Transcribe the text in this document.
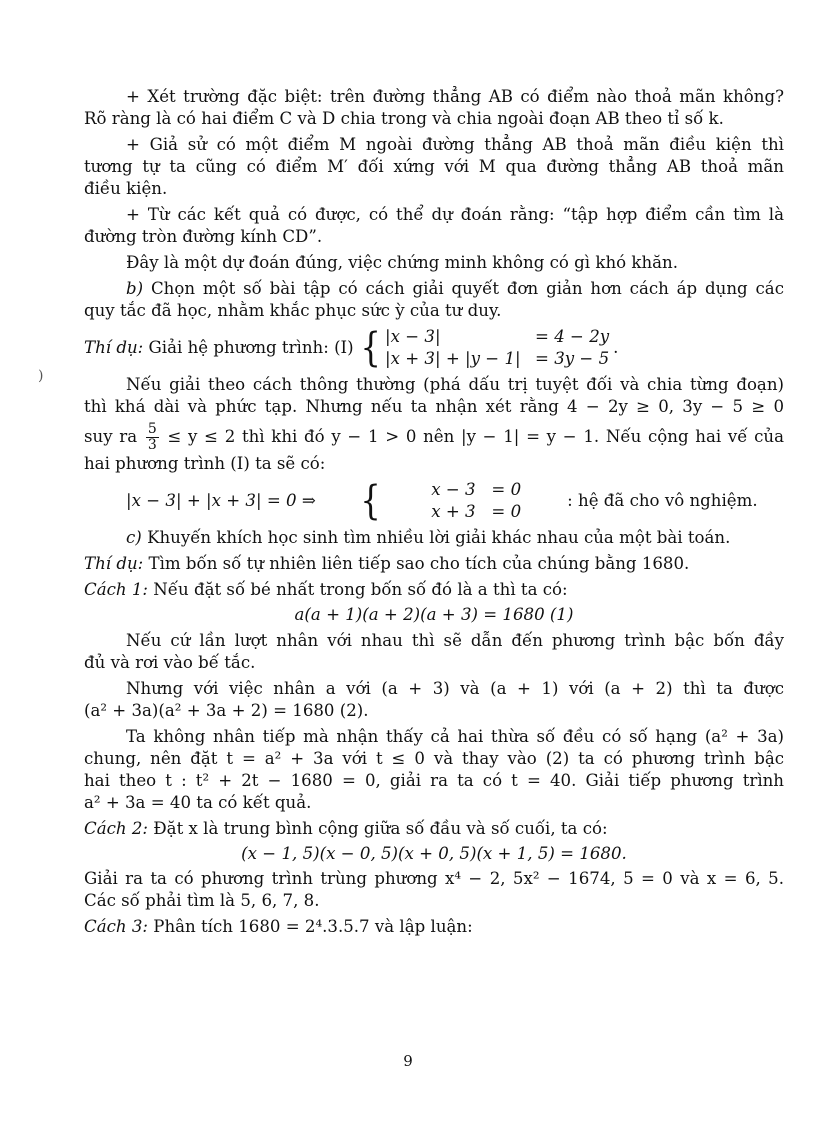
+ Xét trường đặc biệt: trên đường thẳng AB có điểm nào thoả mãn không?

Rõ ràng là có hai điểm C và D chia trong và chia ngoài đoạn AB theo tỉ số k.

+ Giả sử có một điểm M ngoài đường thẳng AB thoả mãn điều kiện thì

tương tự ta cũng có điểm M′ đối xứng với M qua đường thẳng AB thoả mãn

điều kiện.

+ Từ các kết quả có được, có thể dự đoán rằng: “tập hợp điểm cần tìm là

đường tròn đường kính CD”.

Đây là một dự đoán đúng, việc chứng minh không có gì khó khăn.

b) Chọn một số bài tập có cách giải quyết đơn giản hơn cách áp dụng các

quy tắc đã học, nhằm khắc phục sức ỳ của tư duy.

Thí dụ:
Giải hệ phương trình: (I) { |x − 3|	= 4 − 2y
|x + 3| + |y − 1| = 3y − 5
.

Nếu giải theo cách thông thường (phá dấu trị tuyệt đối và chia từng đoạn)

thì khá dài và phức tạp. Nhưng nếu ta nhận xét rằng 4 − 2y ≥ 0, 3y − 5 ≥ 0

suy ra $\frac{5}{3} \le y \le 2$ thì khi đó y − 1 > 0 nên |y − 1| = y − 1. Nếu cộng hai vế của

hai phương trình (I) ta sẽ có:

|x − 3| + |x + 3| = 0 ⇒	{	x − 3   = 0
x + 3   = 0
: hệ đã cho vô nghiệm.

c) Khuyến khích học sinh tìm nhiều lời giải khác nhau của một bài toán.

Thí dụ: Tìm bốn số tự nhiên liên tiếp sao cho tích của chúng bằng 1680.

Cách 1: Nếu đặt số bé nhất trong bốn số đó là a thì ta có:

a(a + 1)(a + 2)(a + 3) = 1680 (1)

Nếu cứ lần lượt nhân với nhau thì sẽ dẫn đến phương trình bậc bốn đầy

đủ và rơi vào bế tắc.

Nhưng với việc nhân a với (a + 3) và (a + 1) với (a + 2) thì ta được

(a² + 3a)(a² + 3a + 2) = 1680 (2).

Ta không nhân tiếp mà nhận thấy cả hai thừa số đều có số hạng (a² + 3a)

chung, nên đặt t = a² + 3a với t ≤ 0 và thay vào (2) ta có phương trình bậc

hai theo t : t² + 2t − 1680 = 0, giải ra ta có t = 40. Giải tiếp phương trình

a² + 3a = 40 ta có kết quả.

Cách 2: Đặt x là trung bình cộng giữa số đầu và số cuối, ta có:

(x − 1, 5)(x − 0, 5)(x + 0, 5)(x + 1, 5) = 1680.

Giải ra ta có phương trình trùng phương x⁴ − 2, 5x² − 1674, 5 = 0 và x = 6, 5.

Các số phải tìm là 5, 6, 7, 8.

Cách 3: Phân tích 1680 = 2⁴.3.5.7 và lập luận:

)
9
